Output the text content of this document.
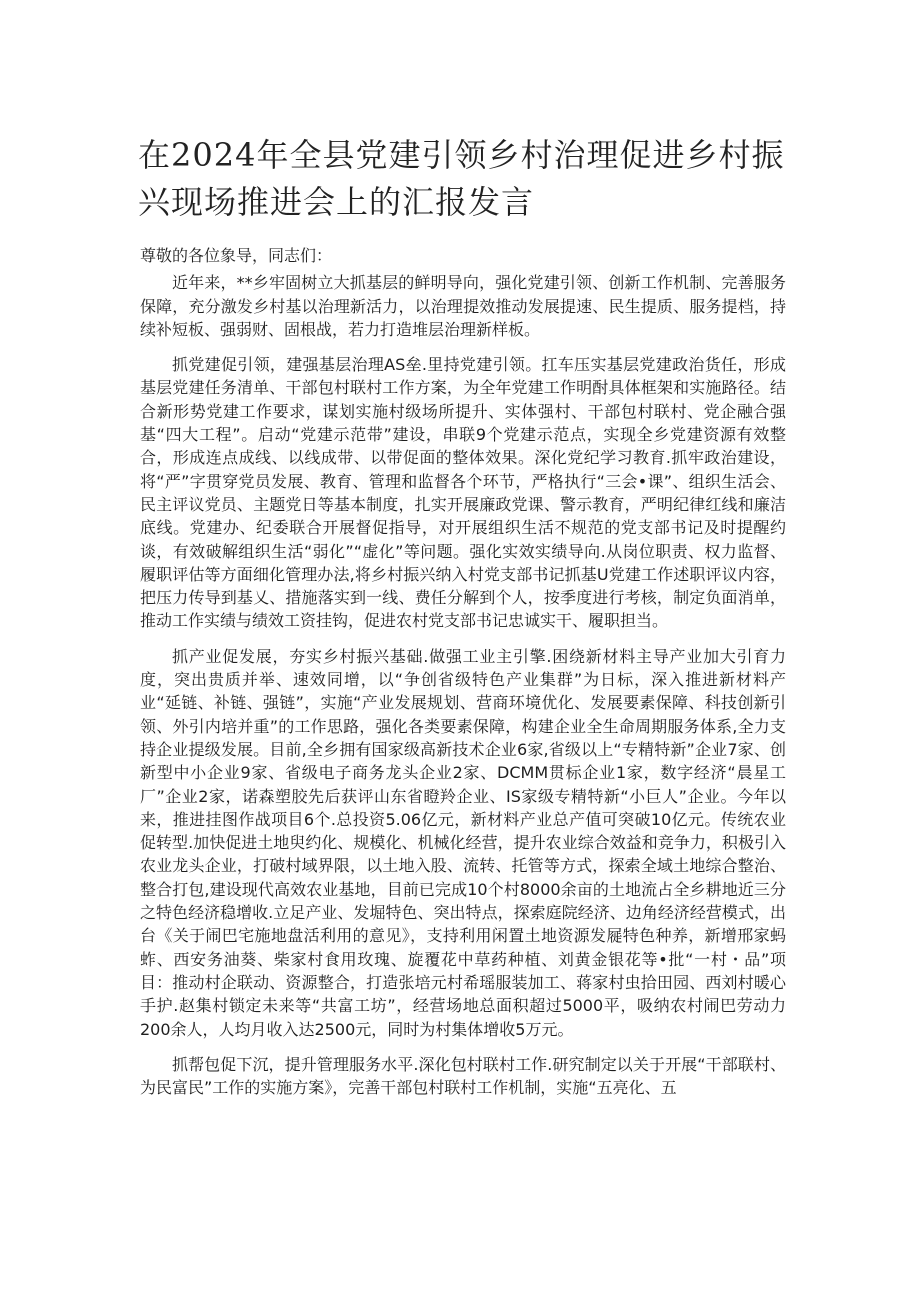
在2024年全县党建引领乡村治理促进乡村振兴现场推进会上的汇报发言

尊敬的各位象导，同志们：

近年来，**乡牢固树立大抓基层的鲜明导向，强化党建引领、创新工作机制、完善服务保障，充分激发乡村基以治理新活力，以治理提效推动发展提速、民生提质、服务提档，持续补短板、强弱财、固根战，若力打造堆层治理新样板。

抓党建促引领，建强基层治理AS垒.里持党建引领。扛车压实基层党建政治货任，形成基层党建任务清单、干部包村联村工作方案，为全年党建工作明酎具体框架和实施路径。结合新形势党建工作要求，谋划实施村级场所提升、实体强村、干部包村联村、党企融合强基“四大工程”。启动“党建示范带”建设，串联9个党建示范点，实现全乡党建资源有效整合，形成连点成线、以线成带、以带促面的整体效果。深化党纪学习教育.抓牢政治建设，将“严”字贯穿党员发展、教育、管理和监督各个环节，严格执行“三会•课”、组织生活会、民主评议党员、主题党日等基本制度，扎实开展廉政党课、警示教育，严明纪律红线和廉洁底线。党建办、纪委联合开展督促指导，对开展组织生活不规范的党支部书记及时提醒约谈，有效破解组织生活“弱化”“虚化”等问题。强化实效实绩导向.从岗位职责、权力监督、履职评估等方面细化管理办法,将乡村振兴纳入村党支部书记抓基U党建工作述职评议内容，把压力传导到基乂、措施落实到一线、费任分解到个人，按季度进行考核，制定负面消单，推动工作实绩与绩效工资挂钩，促进农村党支部书记忠诚实干、履职担当。

抓产业促发展，夯实乡村振兴基础.做强工业主引擎.困绕新材料主导产业加大引育力度，突出贵质并举、速效同增，以“争创省级特色产业集群”为日标，深入推进新材料产业“延链、补链、强链”，实施“产业发展规划、营商环境优化、发展要素保障、科技创新引领、外引内培并重”的工作思路，强化各类要素保障，构建企业全生命周期服务体系,全力支持企业提级发展。目前,全乡拥有国家级高新技术企业6家,省级以上“专精特新”企业7家、创新型中小企业9家、省级电子商务龙头企业2家、DCMM贯标企业1家，数字经济“晨星工厂”企业2家，诺森塑胶先后获评山东省瞪羚企业、IS家级专精特新“小巨人”企业。今年以来，推进挂图作战项目6个.总投资5.06亿元，新材料产业总产值可突破10亿元。传统农业促转型.加快促进土地臾约化、规模化、机械化经营，提升农业综合效益和竞争力，积极引入农业龙头企业，打破村域界限，以土地入股、流转、托管等方式，探索全域土地综合整治、整合打包,建设现代高效农业基地，目前已完成10个村8000余亩的土地流占全乡耕地近三分之特色经济稳增收.立足产业、发堀特色、突出特点，探索庭院经济、边角经济经营模式，出台《关于闹巴宅施地盘活利用的意见》，支持利用闲置土地资源发屣特色种养，新增邢家蚂蚱、西安务油葵、柴家村食用玫瑰、旋覆花中草药种植、刘黄金银花等•批“一村・品”项目：推动村企联动、资源整合，打造张培元村希瑶服装加工、蒋家村虫拾田园、西刘村暖心手护.赵集村锁定未来等“共富工坊”，经营场地总面积超过5000平，吸纳农村闹巴劳动力200余人，人均月收入达2500元，同时为村集体增收5万元。

抓帮包促下沉，提升管理服务水平.深化包村联村工作.研究制定以关于开展“干部联村、为民富民”工作的实施方案》，完善干部包村联村工作机制，实施“五亮化、五
